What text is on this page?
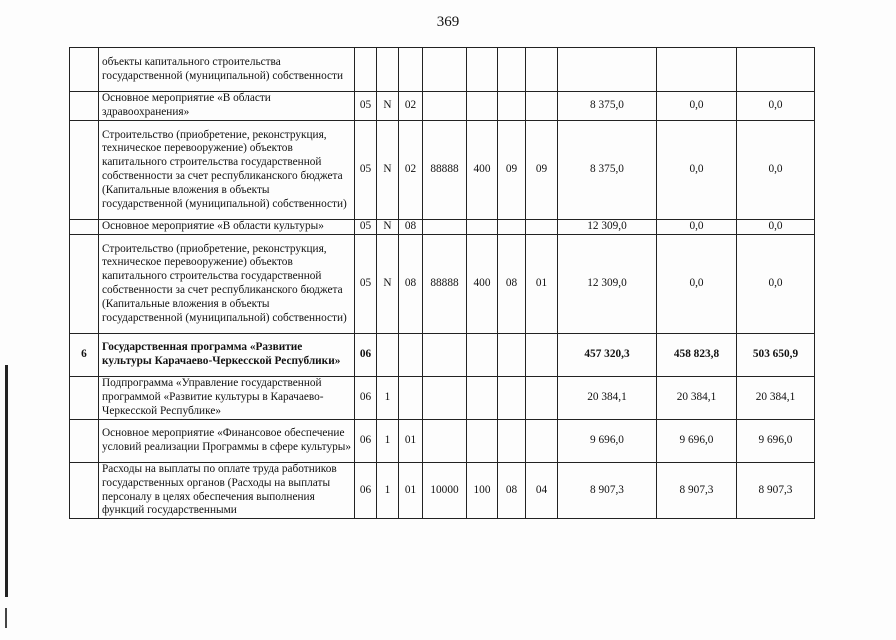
369
	объекты капитального строительства государственной (муниципальной) собственности										
	Основное мероприятие «В области здравоохранения»	05	N	02					8 375,0	0,0	0,0
	Строительство (приобретение, реконструкция, техническое перевооружение) объектов капитального строительства государственной собственности за счет республиканского бюджета (Капитальные вложения в объекты государственной (муниципальной) собственности)	05	N	02	88888	400	09	09	8 375,0	0,0	0,0
	Основное мероприятие «В области культуры»	05	N	08					12 309,0	0,0	0,0
	Строительство (приобретение, реконструкция, техническое перевооружение) объектов капитального строительства государственной собственности за счет республиканского бюджета (Капитальные вложения в объекты государственной (муниципальной) собственности)	05	N	08	88888	400	08	01	12 309,0	0,0	0,0
6	Государственная программа «Развитие культуры Карачаево-Черкесской Республики»	06							457 320,3	458 823,8	503 650,9
	Подпрограмма «Управление государственной программой «Развитие культуры в Карачаево-Черкесской Республике»	06	1						20 384,1	20 384,1	20 384,1
	Основное мероприятие «Финансовое обеспечение условий реализации Программы в сфере культуры»	06	1	01					9 696,0	9 696,0	9 696,0
	Расходы на выплаты по оплате труда работников государственных органов (Расходы на выплаты персоналу в целях обеспечения выполнения функций государственными	06	1	01	10000	100	08	04	8 907,3	8 907,3	8 907,3
